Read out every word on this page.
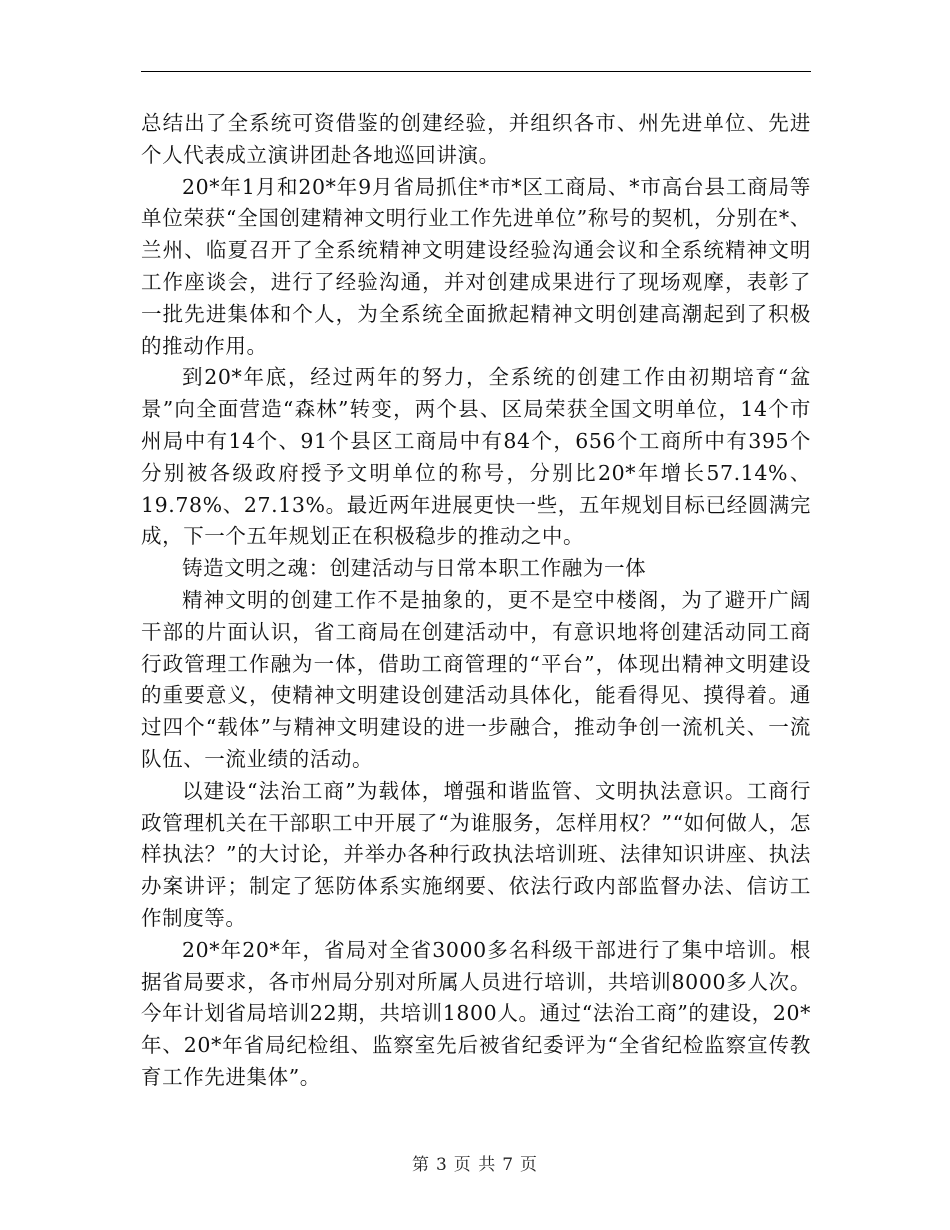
总结出了全系统可资借鉴的创建经验，并组织各市、州先进单位、先进个人代表成立演讲团赴各地巡回讲演。

20*年1月和20*年9月省局抓住*市*区工商局、*市高台县工商局等单位荣获“全国创建精神文明行业工作先进单位”称号的契机，分别在*、兰州、临夏召开了全系统精神文明建设经验沟通会议和全系统精神文明工作座谈会，进行了经验沟通，并对创建成果进行了现场观摩，表彰了一批先进集体和个人，为全系统全面掀起精神文明创建高潮起到了积极的推动作用。

到20*年底，经过两年的努力，全系统的创建工作由初期培育“盆景”向全面营造“森林”转变，两个县、区局荣获全国文明单位，14个市州局中有14个、91个县区工商局中有84个，656个工商所中有395个分别被各级政府授予文明单位的称号，分别比20*年增长57.14%、19.78%、27.13%。最近两年进展更快一些，五年规划目标已经圆满完成，下一个五年规划正在积极稳步的推动之中。

铸造文明之魂：创建活动与日常本职工作融为一体

精神文明的创建工作不是抽象的，更不是空中楼阁，为了避开广阔干部的片面认识，省工商局在创建活动中，有意识地将创建活动同工商行政管理工作融为一体，借助工商管理的“平台”，体现出精神文明建设的重要意义，使精神文明建设创建活动具体化，能看得见、摸得着。通过四个“载体”与精神文明建设的进一步融合，推动争创一流机关、一流队伍、一流业绩的活动。

以建设“法治工商”为载体，增强和谐监管、文明执法意识。工商行政管理机关在干部职工中开展了“为谁服务，怎样用权？”“如何做人，怎样执法？”的大讨论，并举办各种行政执法培训班、法律知识讲座、执法办案讲评；制定了惩防体系实施纲要、依法行政内部监督办法、信访工作制度等。

20*年20*年，省局对全省3000多名科级干部进行了集中培训。根据省局要求，各市州局分别对所属人员进行培训，共培训8000多人次。今年计划省局培训22期，共培训1800人。通过“法治工商”的建设，20*年、20*年省局纪检组、监察室先后被省纪委评为“全省纪检监察宣传教育工作先进集体”。

第 3 页 共 7 页
